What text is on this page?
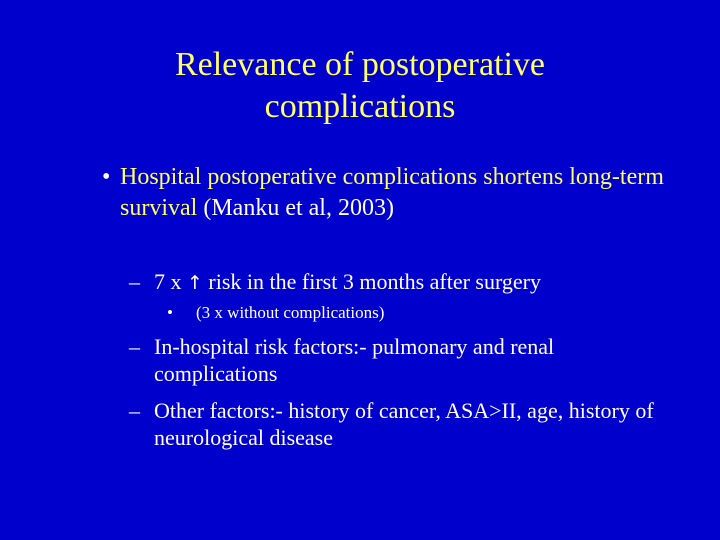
Relevance of postoperative
complications
• Hospital postoperative complications shortens long-term survival (Manku et al, 2003)
– 7 x ↑ risk in the first 3 months after surgery
• (3 x without complications)
– In-hospital risk factors:- pulmonary and renal complications
– Other factors:- history of cancer, ASA>II, age, history of neurological disease
